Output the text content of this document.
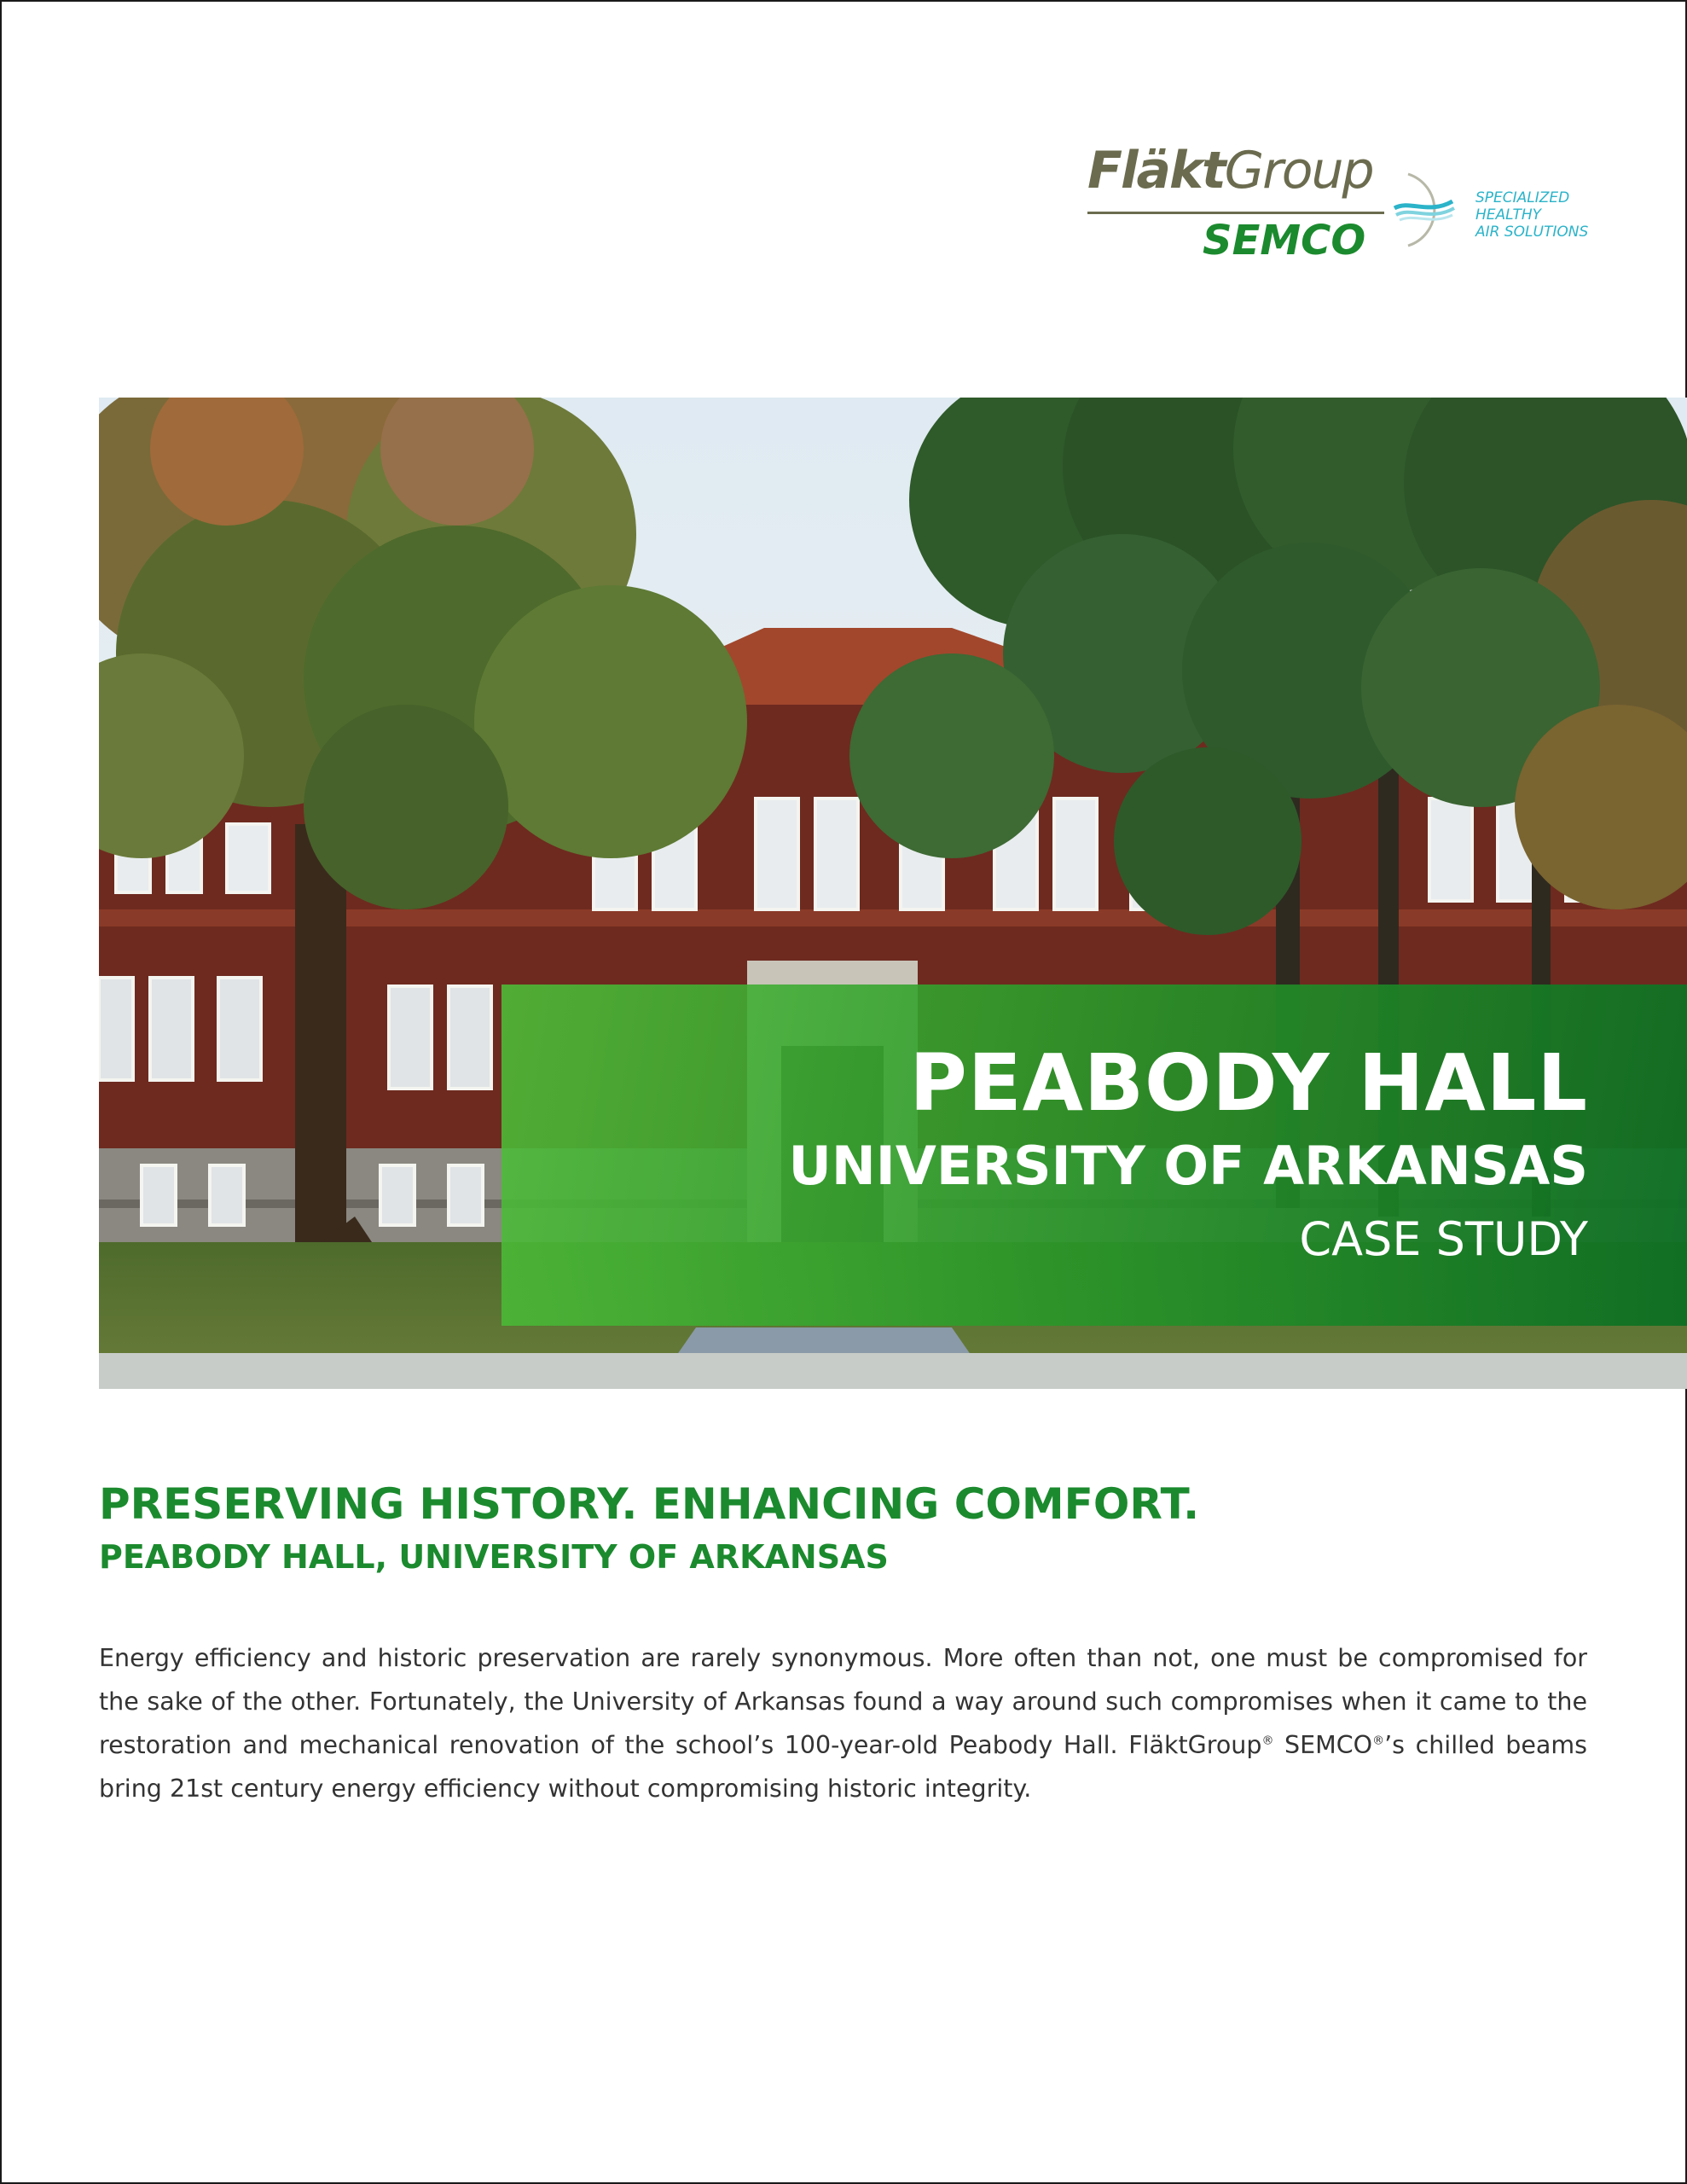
FläktGroup
SEMCO
SPECIALIZED
HEALTHY
AIR SOLUTIONS
PEABODY HALL
UNIVERSITY OF ARKANSAS
CASE STUDY
PRESERVING HISTORY. ENHANCING COMFORT.
PEABODY HALL, UNIVERSITY OF ARKANSAS
Energy efficiency and historic preservation are rarely synonymous. More often than not, one must be compromised for the sake of the other. Fortunately, the University of Arkansas found a way around such compromises when it came to the restoration and mechanical renovation of the school’s 100-year-old Peabody Hall. FläktGroup® SEMCO®’s chilled beams bring 21st century energy efficiency without compromising historic integrity.
